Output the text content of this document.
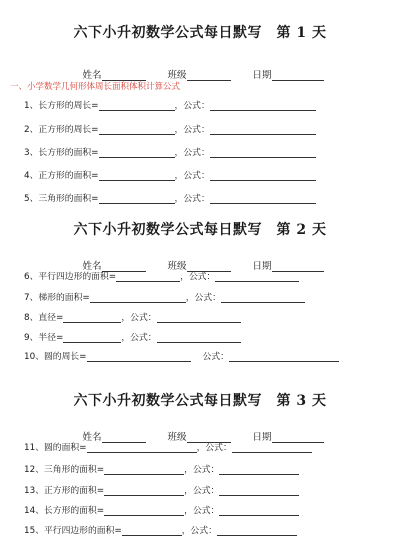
六下小升初数学公式每日默写　第 1 天

姓名	班级	日期

一、小学数学几何形体周长面积体积计算公式
1、长方形的周长=	，公式：
2、正方形的周长=	，公式：
3、长方形的面积=	，公式：
4、正方形的面积=	，公式：
5、三角形的面积=	，公式：
六下小升初数学公式每日默写　第 2 天

姓名	班级	日期

6、平行四边形的面积=	，公式：
7、梯形的面积=	，公式：
8、直径=	，公式：
9、半径=	，公式：
10、圆的周长=	公式：
六下小升初数学公式每日默写　第 3 天

姓名	班级	日期

11、圆的面积=	，公式：
12、三角形的面积=	，公式：
13、正方形的面积=	，公式：
14、长方形的面积=	，公式：
15、平行四边形的面积=	，公式：
